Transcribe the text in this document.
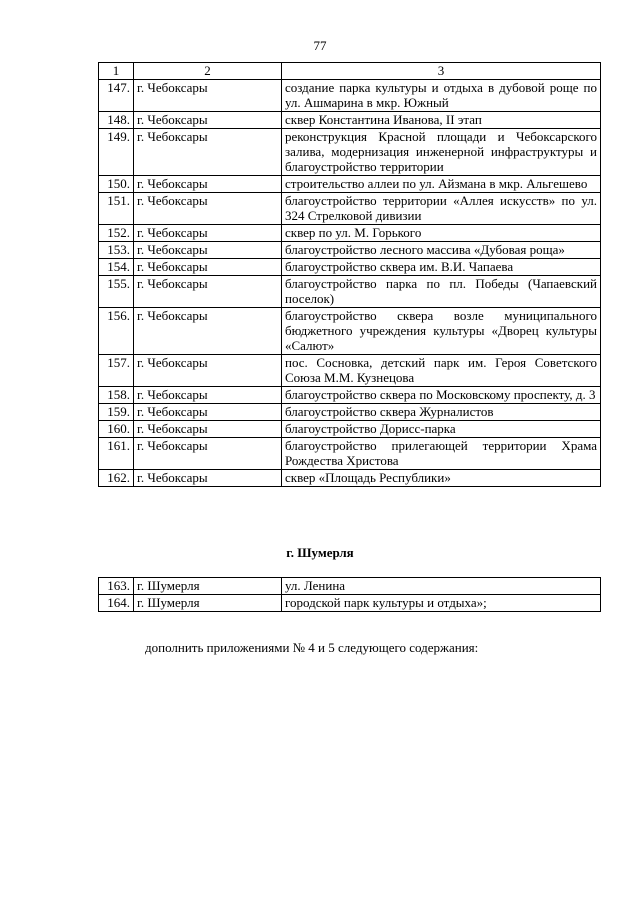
77
1	2	3
147.	г. Чебоксары	создание парка культуры и отдыха в дубовой роще по ул. Ашмарина в мкр. Южный
148.	г. Чебоксары	сквер Константина Иванова, II этап
149.	г. Чебоксары	реконструкция Красной площади и Чебоксарского залива, модернизация инженерной инфраструктуры и благоустройство территории
150.	г. Чебоксары	строительство аллеи по ул. Айзмана в мкр. Альгешево
151.	г. Чебоксары	благоустройство территории «Аллея искусств» по ул. 324 Стрелковой дивизии
152.	г. Чебоксары	сквер по ул. М. Горького
153.	г. Чебоксары	благоустройство лесного массива «Дубовая роща»
154.	г. Чебоксары	благоустройство сквера им. В.И. Чапаева
155.	г. Чебоксары	благоустройство парка по пл. Победы (Чапаевский поселок)
156.	г. Чебоксары	благоустройство сквера возле муниципального бюджетного учреждения культуры «Дворец культуры «Салют»
157.	г. Чебоксары	пос. Сосновка, детский парк им. Героя Советского Союза М.М. Кузнецова
158.	г. Чебоксары	благоустройство сквера по Московскому проспекту, д. 3
159.	г. Чебоксары	благоустройство сквера Журналистов
160.	г. Чебоксары	благоустройство Дорисс-парка
161.	г. Чебоксары	благоустройство прилегающей территории Храма Рождества Христова
162.	г. Чебоксары	сквер «Площадь Республики»
г. Шумерля
163.	г. Шумерля	ул. Ленина
164.	г. Шумерля	городской парк культуры и отдыха»;
дополнить приложениями № 4 и 5 следующего содержания:
